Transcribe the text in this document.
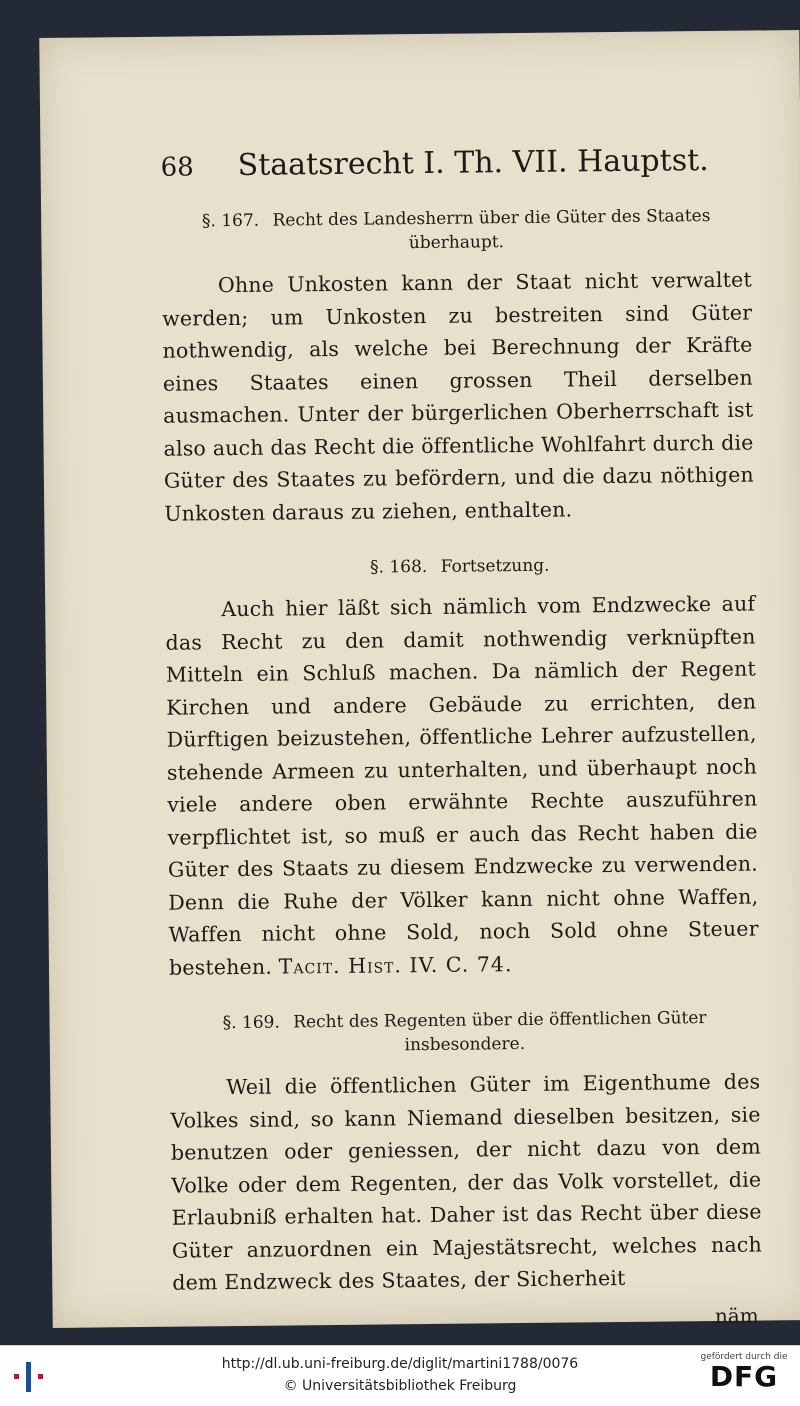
68 Staatsrecht I. Th. VII. Hauptst.
§. 167. Recht des Landesherrn über die Güter des Staates überhaupt.

Ohne Unkosten kann der Staat nicht verwaltet werden; um Unkosten zu bestreiten sind Güter nothwendig, als welche bei Berechnung der Kräfte eines Staates einen grossen Theil derselben ausmachen. Unter der bürgerlichen Oberherrschaft ist also auch das Recht die öffentliche Wohlfahrt durch die Güter des Staates zu befördern, und die dazu nöthigen Unkosten daraus zu ziehen, enthalten.

§. 168. Fortsetzung.

Auch hier läßt sich nämlich vom Endzwecke auf das Recht zu den damit nothwendig verknüpften Mitteln ein Schluß machen. Da nämlich der Regent Kirchen und andere Gebäude zu errichten, den Dürftigen beizustehen, öffentliche Lehrer aufzustellen, stehende Armeen zu unterhalten, und überhaupt noch viele andere oben erwähnte Rechte auszuführen verpflichtet ist, so muß er auch das Recht haben die Güter des Staats zu diesem Endzwecke zu verwenden. Denn die Ruhe der Völker kann nicht ohne Waffen, Waffen nicht ohne Sold, noch Sold ohne Steuer bestehen. Tacit. Hist. IV. C. 74.

§. 169. Recht des Regenten über die öffentlichen Güter insbesondere.

Weil die öffentlichen Güter im Eigenthume des Volkes sind, so kann Niemand dieselben besitzen, sie benutzen oder geniessen, der nicht dazu von dem Volke oder dem Regenten, der das Volk vorstellet, die Erlaubniß erhalten hat. Daher ist das Recht über diese Güter anzuordnen ein Majestätsrecht, welches nach dem Endzweck des Staates, der Sicherheit

näm
http://dl.ub.uni-freiburg.de/diglit/martini1788/0076
© Universitätsbibliothek Freiburg
gefördert durch die
DFG
